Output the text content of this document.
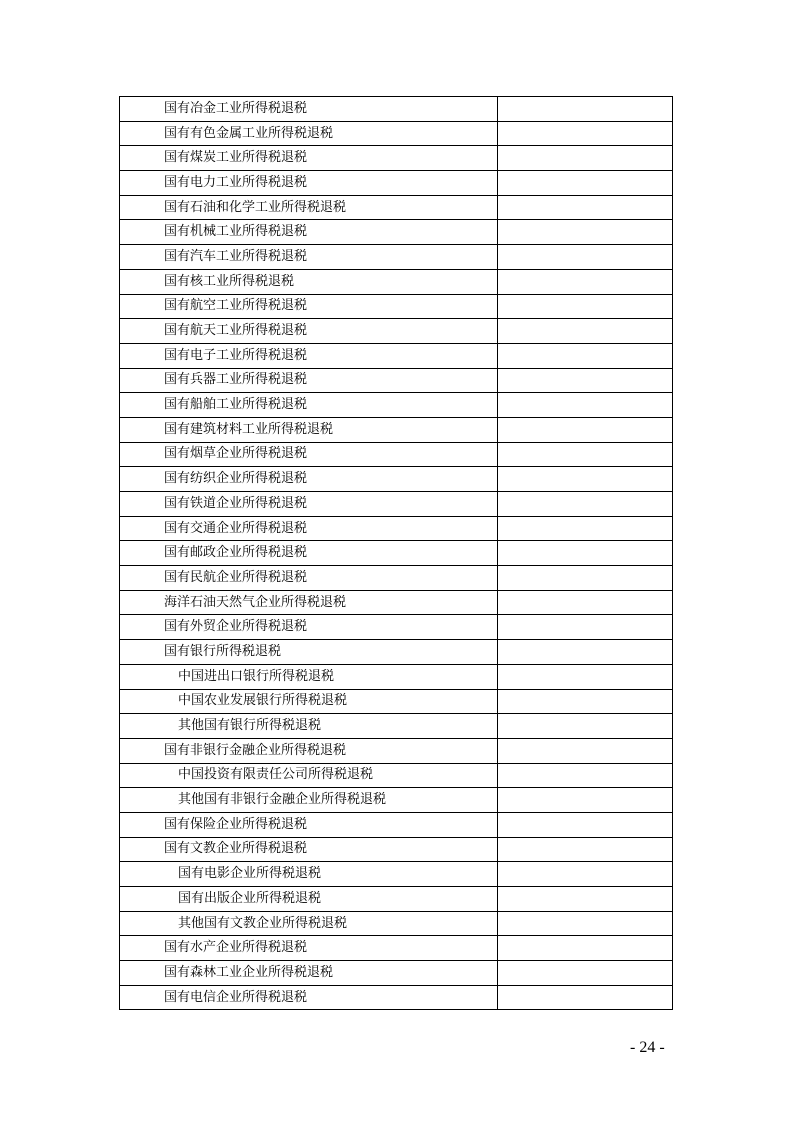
国有冶金工业所得税退税	
国有有色金属工业所得税退税	
国有煤炭工业所得税退税	
国有电力工业所得税退税	
国有石油和化学工业所得税退税	
国有机械工业所得税退税	
国有汽车工业所得税退税	
国有核工业所得税退税	
国有航空工业所得税退税	
国有航天工业所得税退税	
国有电子工业所得税退税	
国有兵器工业所得税退税	
国有船舶工业所得税退税	
国有建筑材料工业所得税退税	
国有烟草企业所得税退税	
国有纺织企业所得税退税	
国有铁道企业所得税退税	
国有交通企业所得税退税	
国有邮政企业所得税退税	
国有民航企业所得税退税	
海洋石油天然气企业所得税退税	
国有外贸企业所得税退税	
国有银行所得税退税	
中国进出口银行所得税退税	
中国农业发展银行所得税退税	
其他国有银行所得税退税	
国有非银行金融企业所得税退税	
中国投资有限责任公司所得税退税	
其他国有非银行金融企业所得税退税	
国有保险企业所得税退税	
国有文教企业所得税退税	
国有电影企业所得税退税	
国有出版企业所得税退税	
其他国有文教企业所得税退税	
国有水产企业所得税退税	
国有森林工业企业所得税退税	
国有电信企业所得税退税	
- 24 -
